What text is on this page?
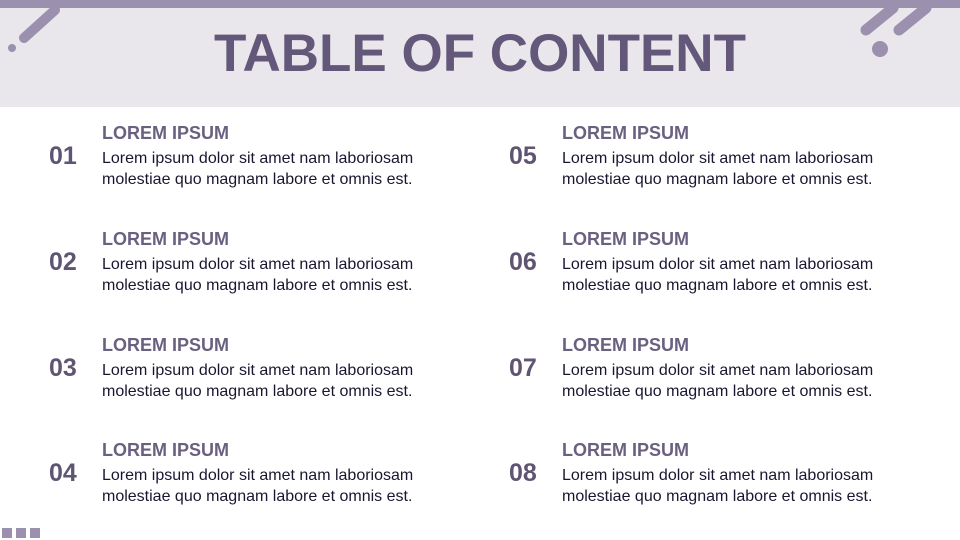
TABLE OF CONTENT
01
LOREM IPSUM
Lorem ipsum dolor sit amet nam laboriosam molestiae quo magnam labore et omnis est.
02
LOREM IPSUM
Lorem ipsum dolor sit amet nam laboriosam molestiae quo magnam labore et omnis est.
03
LOREM IPSUM
Lorem ipsum dolor sit amet nam laboriosam molestiae quo magnam labore et omnis est.
04
LOREM IPSUM
Lorem ipsum dolor sit amet nam laboriosam molestiae quo magnam labore et omnis est.
05
LOREM IPSUM
Lorem ipsum dolor sit amet nam laboriosam molestiae quo magnam labore et omnis est.
06
LOREM IPSUM
Lorem ipsum dolor sit amet nam laboriosam molestiae quo magnam labore et omnis est.
07
LOREM IPSUM
Lorem ipsum dolor sit amet nam laboriosam molestiae quo magnam labore et omnis est.
08
LOREM IPSUM
Lorem ipsum dolor sit amet nam laboriosam molestiae quo magnam labore et omnis est.
